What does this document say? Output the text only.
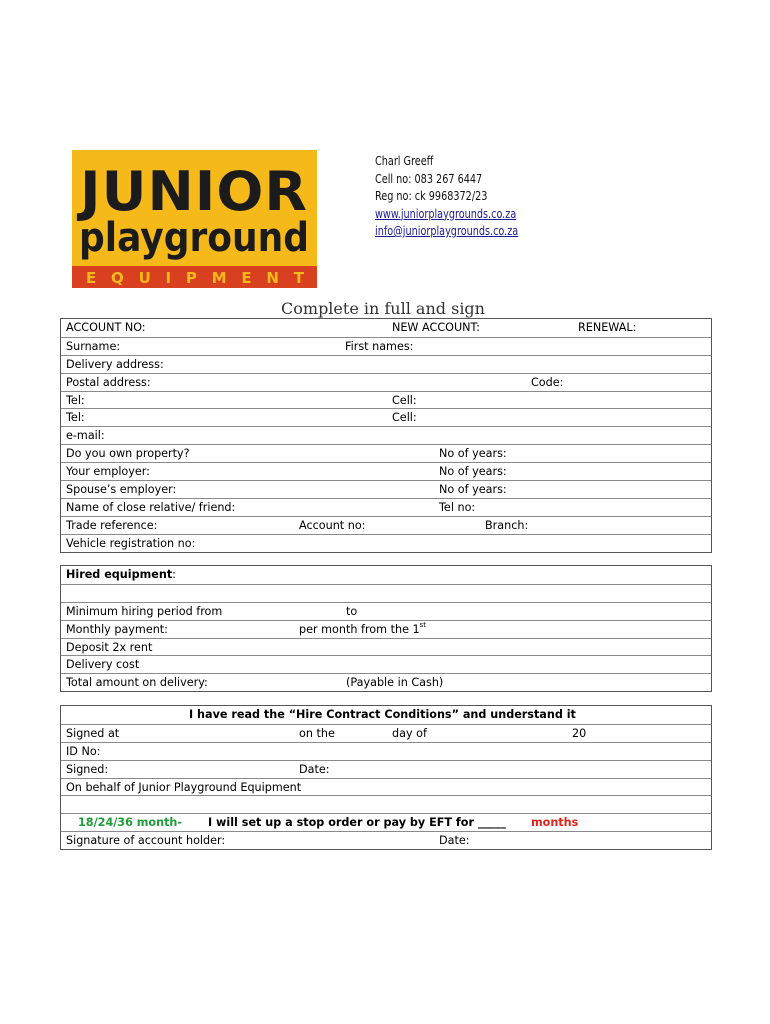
JUNIOR
playground
EQUIPMENT
Charl Greeff
Cell no: 083 267 6447
Reg no: ck 9968372/23
www.juniorplaygrounds.co.za
info@juniorplaygrounds.co.za
Complete in full and sign
ACCOUNT NO:	NEW ACCOUNT:	RENEWAL:
Surname:	First names:
Delivery address:
Postal address:	Code:
Tel:	Cell:
Tel:	Cell:
e-mail:
Do you own property?	No of years:
Your employer:	No of years:
Spouse’s employer:	No of years:
Name of close relative/ friend:	Tel no:
Trade reference:	Account no:	Branch:
Vehicle registration no:
Hired equipment:
Minimum hiring period from	to
Monthly payment:	per month from the 1st
Deposit 2x rent
Delivery cost
Total amount on delivery:	(Payable in Cash)
I have read the “Hire Contract Conditions” and understand it
Signed at	on the	day of	20
ID No:
Signed:	Date:
On behalf of Junior Playground Equipment
18/24/36 month- I will set up a stop order or pay by EFT for _____ months
Signature of account holder:	Date:
